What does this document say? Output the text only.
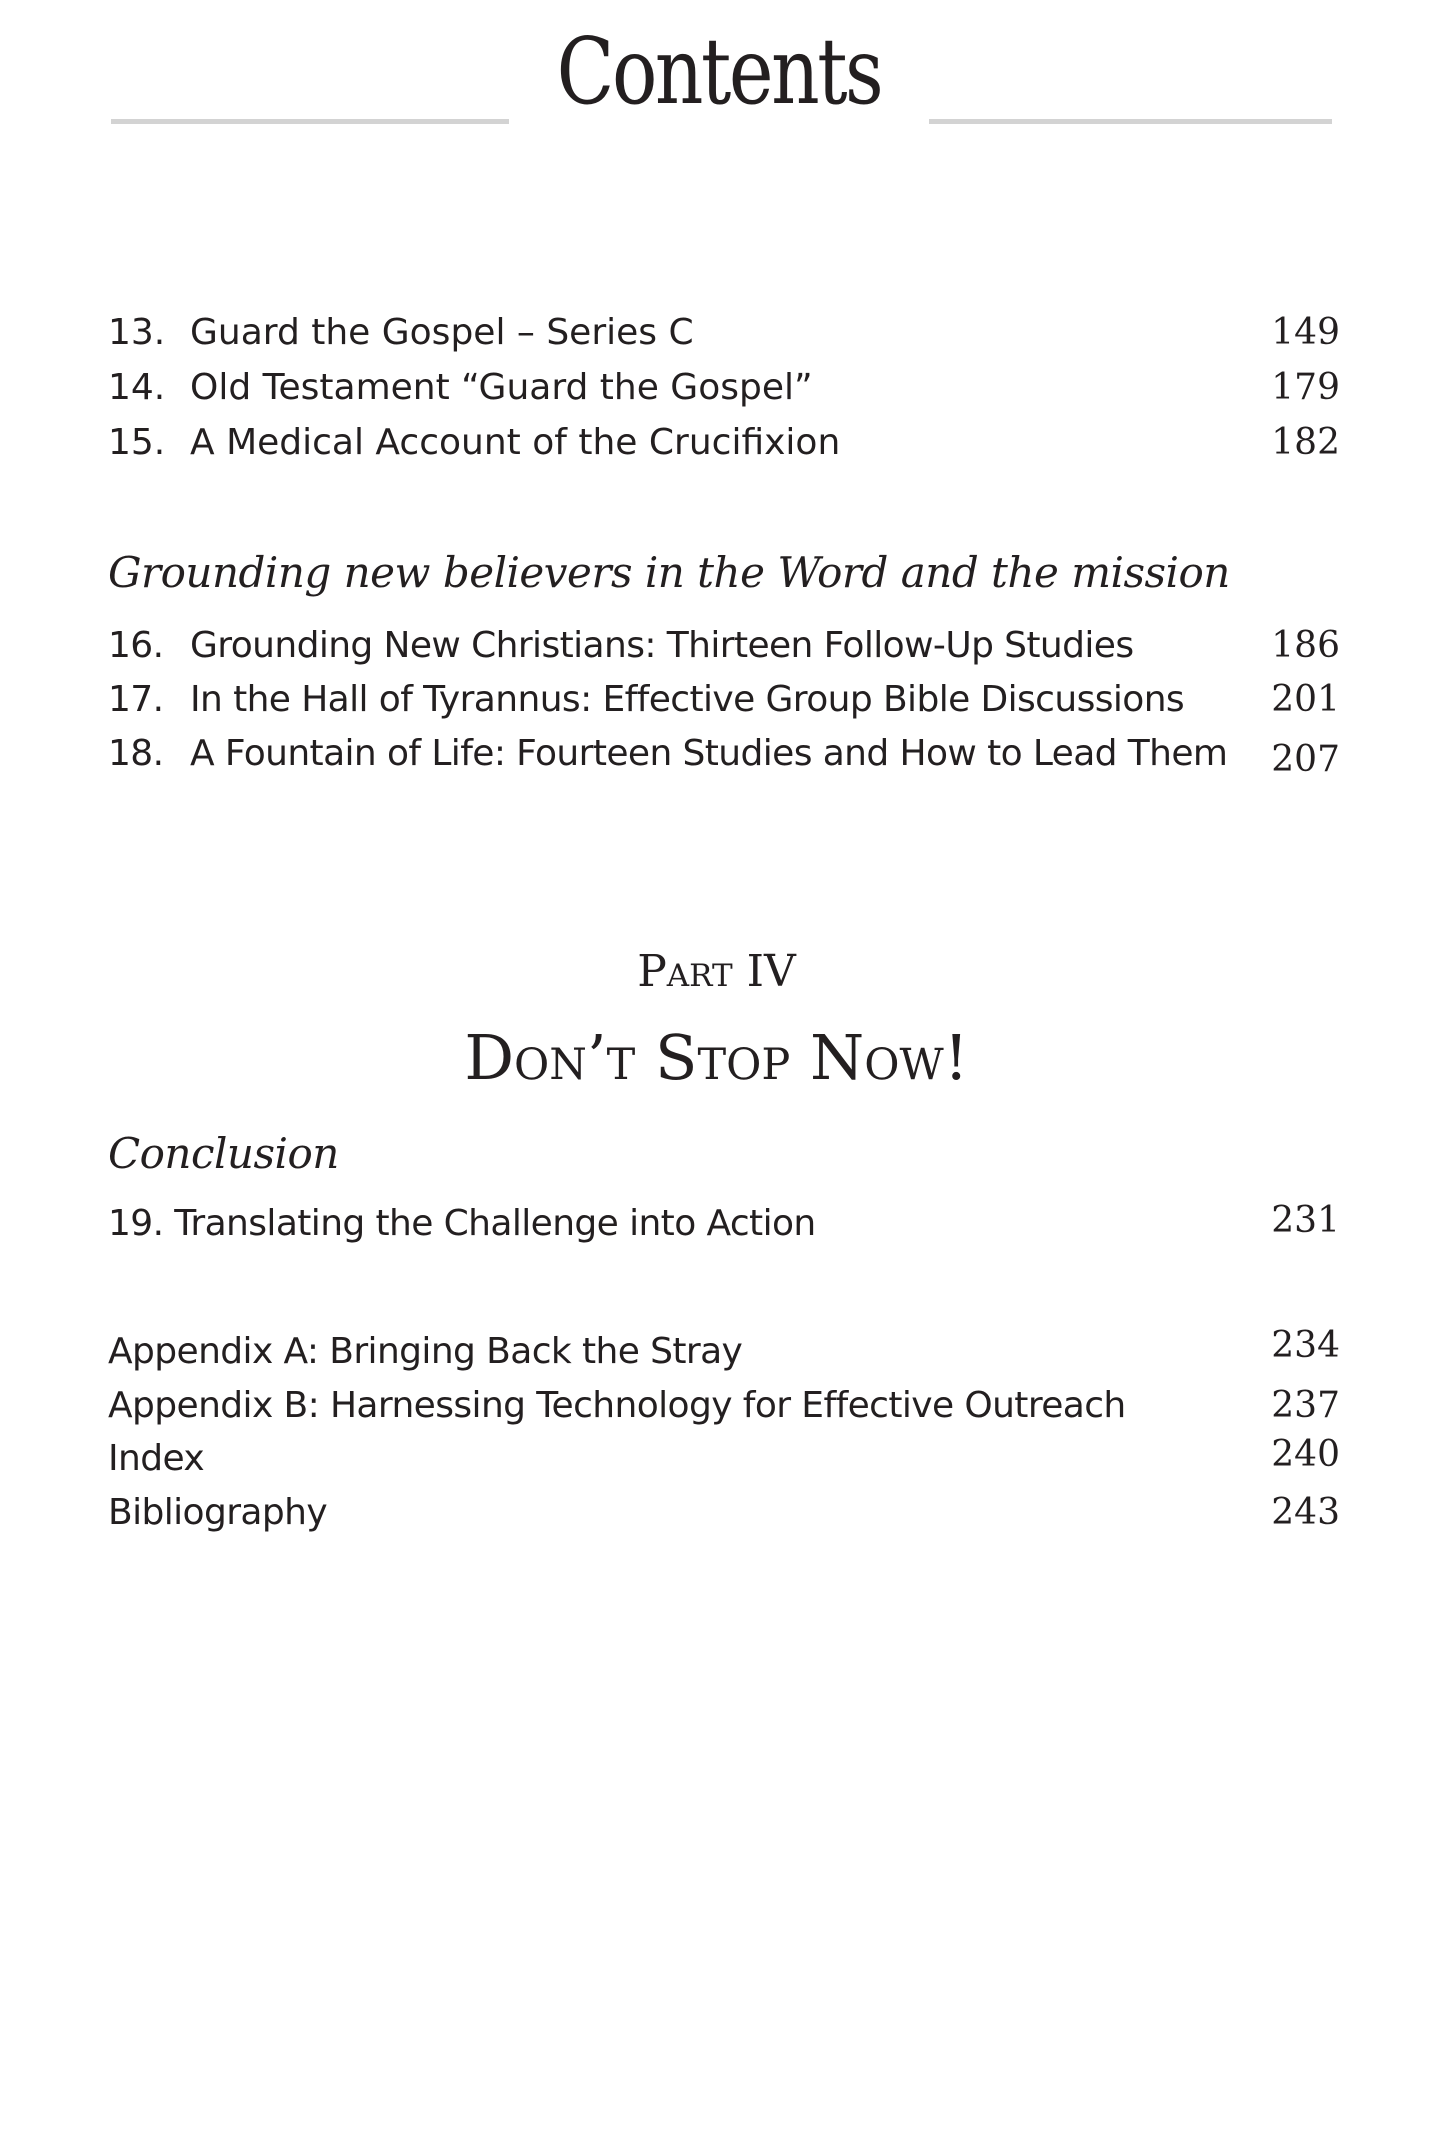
Contents
13. Guard the Gospel – Series C	149
14. Old Testament “Guard the Gospel”	179
15. A Medical Account of the Crucifixion	182
Grounding new believers in the Word and the mission
16. Grounding New Christians: Thirteen Follow-Up Studies	186
17. In the Hall of Tyrannus: Effective Group Bible Discussions 201
18. A Fountain of Life: Fourteen Studies and How to Lead Them 207
Part IV
Don’t Stop Now!
Conclusion
19. Translating the Challenge into Action	231
Appendix A: Bringing Back the Stray	234
Appendix B: Harnessing Technology for Effective Outreach	237
Index	240
Bibliography	243
